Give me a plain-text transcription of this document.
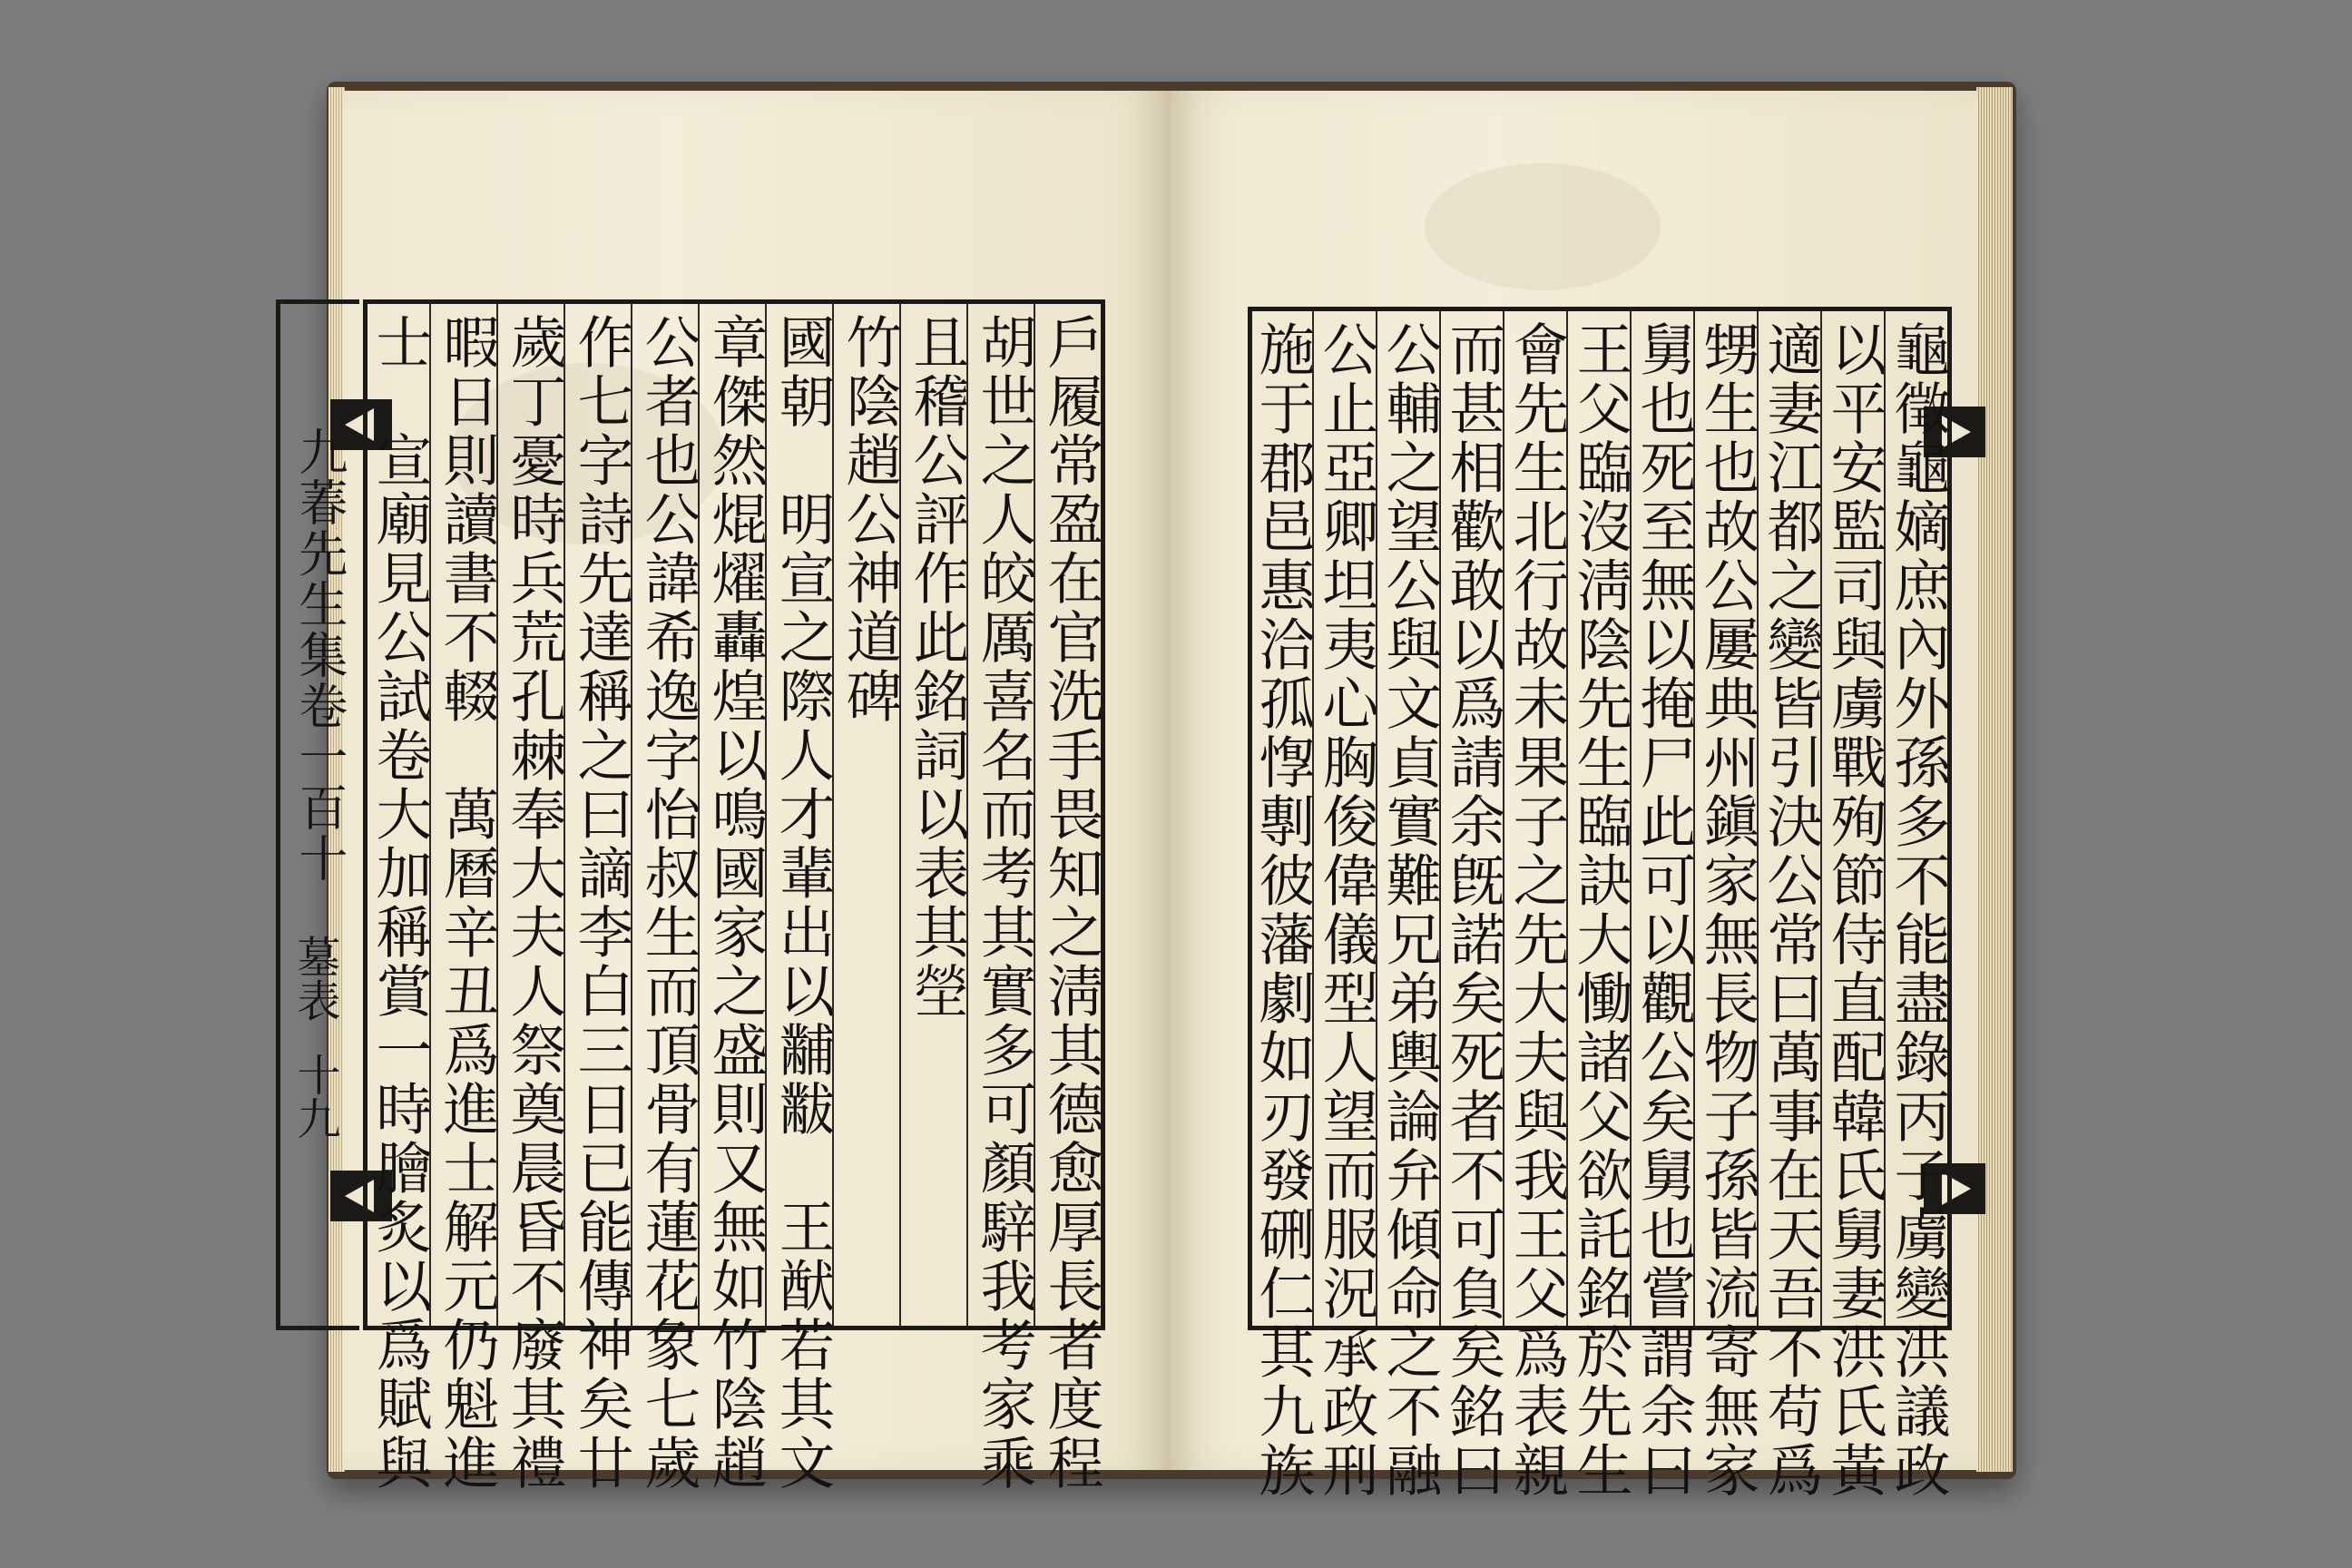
九萶先生集卷一百十
墓表
十九	戶履常盈在官洗手畏知之淸其德愈厚長者度程
胡世之人皎厲喜名而考其實多可顏騂我考家乘
且稽公評作此銘詞以表其塋
竹陰趙公神道碑
國朝　明宣之際人才輩出以黼黻　王猷若其文
章傑然焜燿轟煌以鳴國家之盛則又無如竹陰趙
公者也公諱希逸字怡叔生而頂骨有蓮花象七歲
作七字詩先達稱之曰謫李白三日已能傳神矣廿
歲丁憂時兵荒孔棘奉大夫人祭奠晨昏不廢其禮
暇日則讀書不輟　萬曆辛丑爲進士解元仍魁進
士　宣廟見公試卷大加稱賞一時膾炙以爲賦與	龜徵龜嫡庶內外孫多不能盡錄丙子虜變洪議政
以平安監司與虜戰殉節侍直配韓氏舅妻洪氏黃
適妻江都之變皆引決公常曰萬事在天吾不苟爲
甥生也故公屢典州鎭家無長物子孫皆流寄無家
舅也死至無以掩尸此可以觀公矣舅也嘗謂余曰
王父臨沒淸陰先生臨訣大慟諸父欲託銘於先生
會先生北行故未果子之先大夫與我王父爲表親
而甚相歡敢以爲請余旣諾矣死者不可負矣銘曰
公輔之望公與文貞實難兄弟輿論弁傾命之不融
公止亞卿坦夷心胸俊偉儀型人望而服況承政刑
施于郡邑惠洽孤惸剸彼藩劇如刃發硎仁其九族
